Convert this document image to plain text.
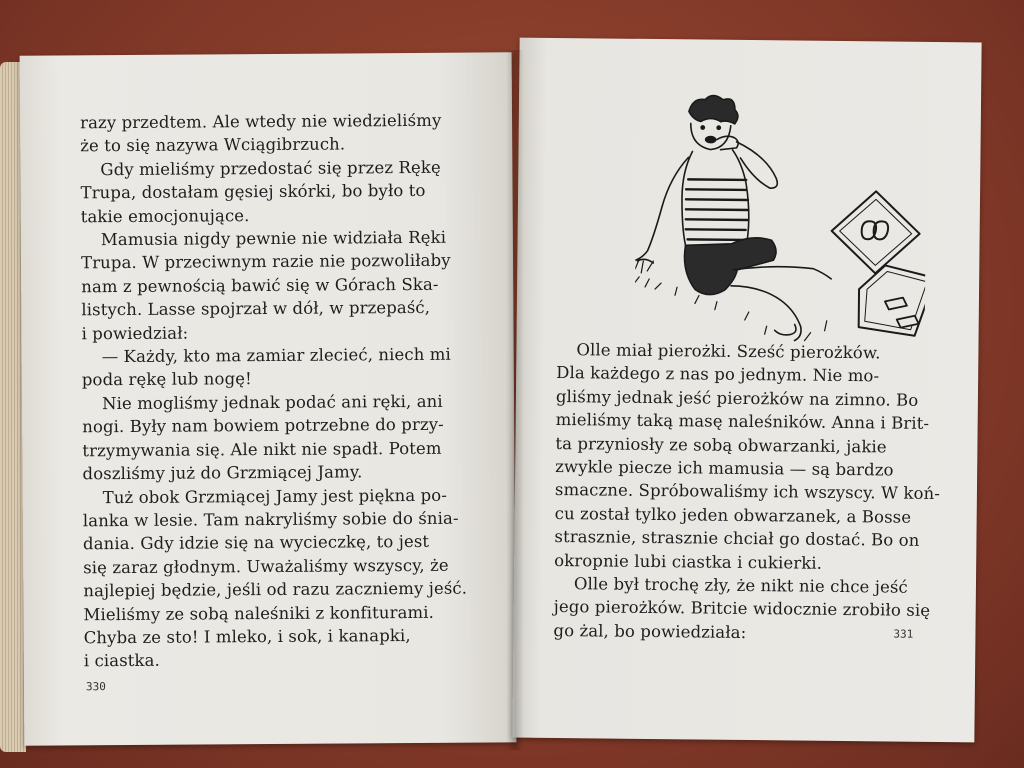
razy przedtem. Ale wtedy nie wiedzieliśmy

że to się nazywa Wciągibrzuch.

Gdy mieliśmy przedostać się przez Rękę

Trupa, dostałam gęsiej skórki, bo było to

takie emocjonujące.

Mamusia nigdy pewnie nie widziała Ręki

Trupa. W przeciwnym razie nie pozwoliłaby

nam z pewnością bawić się w Górach Ska-

listych. Lasse spojrzał w dół, w przepaść,

i powiedział:

— Każdy, kto ma zamiar zlecieć, niech mi

poda rękę lub nogę!

Nie mogliśmy jednak podać ani ręki, ani

nogi. Były nam bowiem potrzebne do przy-

trzymywania się. Ale nikt nie spadł. Potem

doszliśmy już do Grzmiącej Jamy.

Tuż obok Grzmiącej Jamy jest piękna po-

lanka w lesie. Tam nakryliśmy sobie do śnia-

dania. Gdy idzie się na wycieczkę, to jest

się zaraz głodnym. Uważaliśmy wszyscy, że

najlepiej będzie, jeśli od razu zaczniemy jeść.

Mieliśmy ze sobą naleśniki z konfiturami.

Chyba ze sto! I mleko, i sok, i kanapki,

i ciastka.

330

Olle miał pierożki. Sześć pierożków.

Dla każdego z nas po jednym. Nie mo-

gliśmy jednak jeść pierożków na zimno. Bo

mieliśmy taką masę naleśników. Anna i Brit-

ta przyniosły ze sobą obwarzanki, jakie

zwykle piecze ich mamusia — są bardzo

smaczne. Spróbowaliśmy ich wszyscy. W koń-

cu został tylko jeden obwarzanek, a Bosse

strasznie, strasznie chciał go dostać. Bo on

okropnie lubi ciastka i cukierki.

Olle był trochę zły, że nikt nie chce jeść

jego pierożków. Britcie widocznie zrobiło się

go żal, bo powiedziała:	331
